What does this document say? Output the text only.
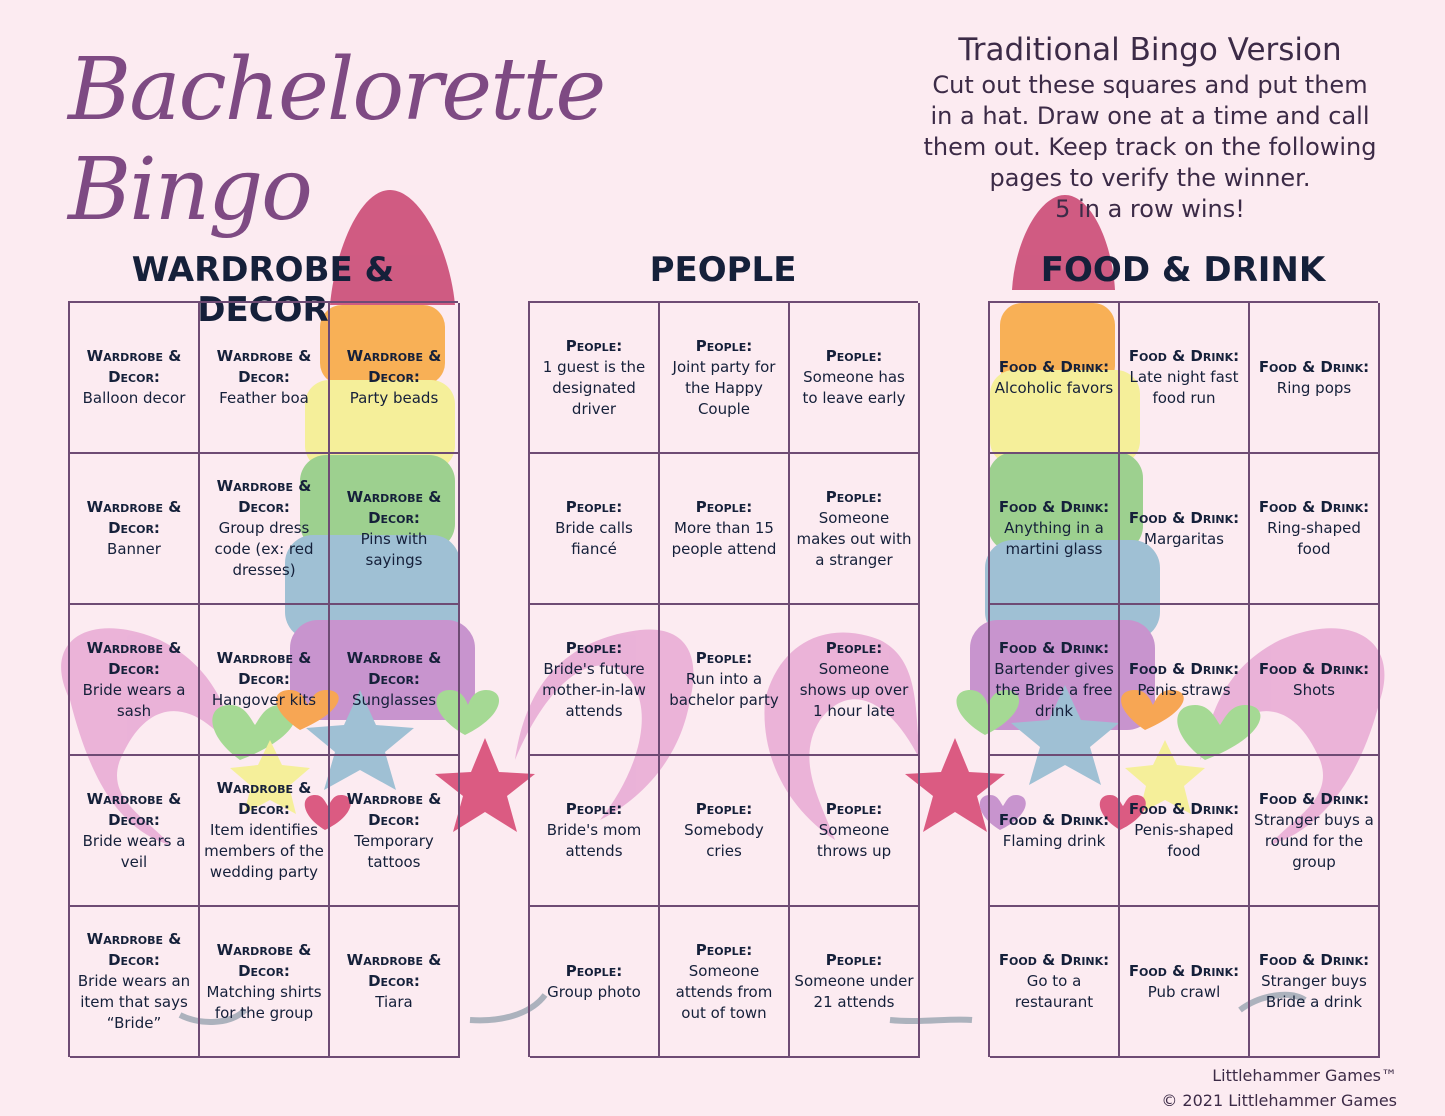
Bachelorette Bingo
Traditional Bingo Version
Cut out these squares and put them
in a hat. Draw one at a time and call
them out. Keep track on the following
pages to verify the winner.
5 in a row wins!
WARDROBE & DECOR
PEOPLE	FOOD & DRINK
Wardrobe & Decor:
Balloon decor
Wardrobe & Decor:
Feather boa
Wardrobe & Decor:
Party beads
Wardrobe & Decor:
Banner
Wardrobe & Decor:
Group dress code (ex: red dresses)
Wardrobe & Decor:
Pins with sayings
Wardrobe & Decor:
Bride wears a sash
Wardrobe & Decor:
Hangover kits
Wardrobe & Decor:
Sunglasses
Wardrobe & Decor:
Bride wears a veil
Wardrobe & Decor:
Item identifies members of the wedding party
Wardrobe & Decor:
Temporary tattoos
Wardrobe & Decor:
Bride wears an item that says “Bride”
Wardrobe & Decor:
Matching shirts for the group
Wardrobe & Decor:
Tiara
People:
1 guest is the designated driver
People:
Joint party for the Happy Couple
People:
Someone has to leave early
People:
Bride calls fiancé
People:
More than 15 people attend
People:
Someone makes out with a stranger
People:
Bride's future mother-in-law attends
People:
Run into a bachelor party
People:
Someone shows up over 1 hour late
People:
Bride's mom attends
People:
Somebody cries
People:
Someone throws up
People:
Group photo
People:
Someone attends from out of town
People:
Someone under 21 attends
Food & Drink:
Alcoholic favors
Food & Drink:
Late night fast food run
Food & Drink:
Ring pops
Food & Drink:
Anything in a martini glass
Food & Drink:
Margaritas
Food & Drink:
Ring-shaped food
Food & Drink:
Bartender gives the Bride a free drink
Food & Drink:
Penis straws
Food & Drink:
Shots
Food & Drink:
Flaming drink
Food & Drink:
Penis-shaped food
Food & Drink:
Stranger buys a round for the group
Food & Drink:
Go to a restaurant
Food & Drink:
Pub crawl
Food & Drink:
Stranger buys Bride a drink
Littlehammer Games™
© 2021 Littlehammer Games
